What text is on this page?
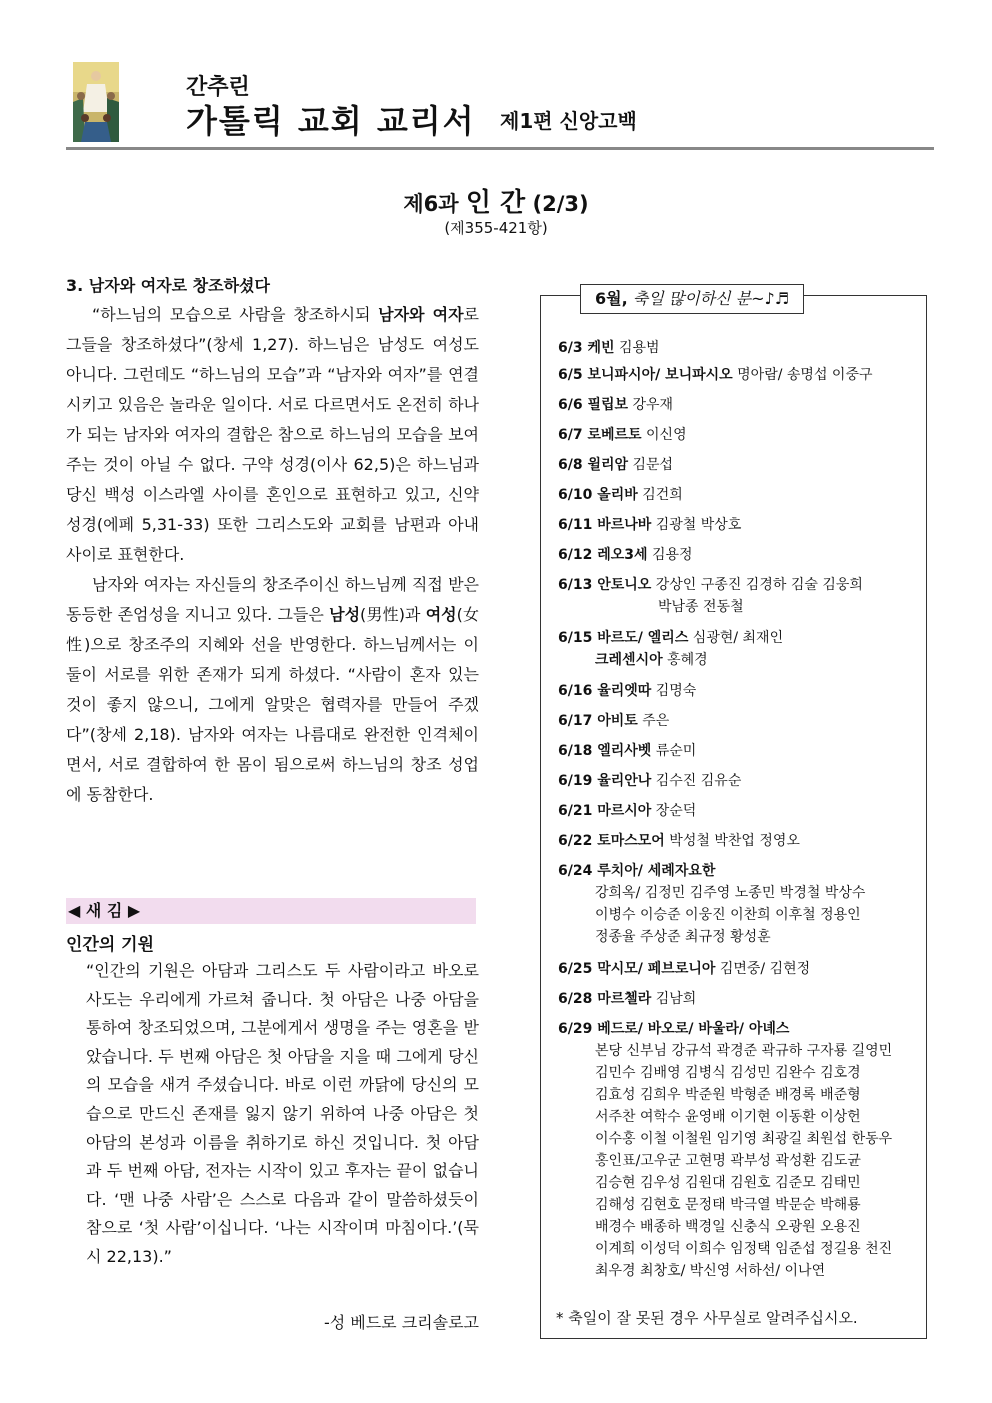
간추린
가톨릭 교회 교리서 제1편 신앙고백
제6과 인 간 (2/3)
(제355-421항)
3. 남자와 여자로 창조하셨다

“하느님의 모습으로 사람을 창조하시되 남자와 여자로 그들을 창조하셨다”(창세 1,27). 하느님은 남성도 여성도 아니다. 그런데도 “하느님의 모습”과 “남자와 여자”를 연결시키고 있음은 놀라운 일이다. 서로 다르면서도 온전히 하나가 되는 남자와 여자의 결합은 참으로 하느님의 모습을 보여 주는 것이 아닐 수 없다. 구약 성경(이사 62,5)은 하느님과 당신 백성 이스라엘 사이를 혼인으로 표현하고 있고, 신약 성경(에페 5,31-33) 또한 그리스도와 교회를 남편과 아내 사이로 표현한다.

남자와 여자는 자신들의 창조주이신 하느님께 직접 받은 동등한 존엄성을 지니고 있다. 그들은 남성(男性)과 여성(女性)으로 창조주의 지혜와 선을 반영한다. 하느님께서는 이 둘이 서로를 위한 존재가 되게 하셨다. “사람이 혼자 있는 것이 좋지 않으니, 그에게 알맞은 협력자를 만들어 주겠다”(창세 2,18). 남자와 여자는 나름대로 완전한 인격체이면서, 서로 결합하여 한 몸이 됨으로써 하느님의 창조 성업에 동참한다.

◀ 새 김 ▶
인간의 기원

“인간의 기원은 아담과 그리스도 두 사람이라고 바오로 사도는 우리에게 가르쳐 줍니다. 첫 아담은 나중 아담을 통하여 창조되었으며, 그분에게서 생명을 주는 영혼을 받았습니다. 두 번째 아담은 첫 아담을 지을 때 그에게 당신의 모습을 새겨 주셨습니다. 바로 이런 까닭에 당신의 모습으로 만드신 존재를 잃지 않기 위하여 나중 아담은 첫 아담의 본성과 이름을 취하기로 하신 것입니다. 첫 아담과 두 번째 아담, 전자는 시작이 있고 후자는 끝이 없습니다. ‘맨 나중 사람’은 스스로 다음과 같이 말씀하셨듯이 참으로 ‘첫 사람’이십니다. ‘나는 시작이며 마침이다.’(묵시 22,13).”

-성 베드로 크리솔로고
6월, 축일 많이하신 분~♪♬
6/3 케빈 김용범
6/5 보니파시아/ 보니파시오 명아람/ 송명섭 이중구
6/6 필립보 강우재
6/7 로베르토 이신영
6/8 윌리암 김문섭
6/10 올리바 김건희
6/11 바르나바 김광철 박상호
6/12 레오3세 김용정
6/13 안토니오 강상인 구종진 김경하 김술 김웅희
박남종 전동철
6/15 바르도/ 엘리스 심광현/ 최재인
크레센시아 홍혜경
6/16 율리엣따 김명숙
6/17 아비토 주은
6/18 엘리사벳 류순미
6/19 율리안나 김수진 김유순
6/21 마르시아 장순덕
6/22 토마스모어 박성철 박찬업 정영오
6/24 루치아/ 세례자요한
강희옥/ 김정민 김주영 노종민 박경철 박상수
이병수 이승준 이웅진 이찬희 이후철 정용인
정종율 주상준 최규정 황성훈
6/25 막시모/ 페브로니아 김면중/ 김현정
6/28 마르첼라 김남희
6/29 베드로/ 바오로/ 바울라/ 아녜스
본당 신부님 강규석 곽경준 곽규하 구자룡 길영민
김민수 김배영 김병식 김성민 김완수 김호경
김효성 김희우 박준원 박형준 배경록 배준형
서주찬 여학수 윤영배 이기현 이동환 이상헌
이수홍 이철 이철원 임기영 최광길 최원섭 한동우
홍인표/고우군 고현명 곽부성 곽성환 김도균
김승현 김우성 김원대 김원호 김준모 김태민
김해성 김현호 문정태 박극열 박문순 박해룡
배경수 배종하 백경일 신충식 오광원 오용진
이계희 이성덕 이희수 임정택 임준섭 정길용 천진
최우경 최창호/ 박신영 서하선/ 이나연
* 축일이 잘 못된 경우 사무실로 알려주십시오.
